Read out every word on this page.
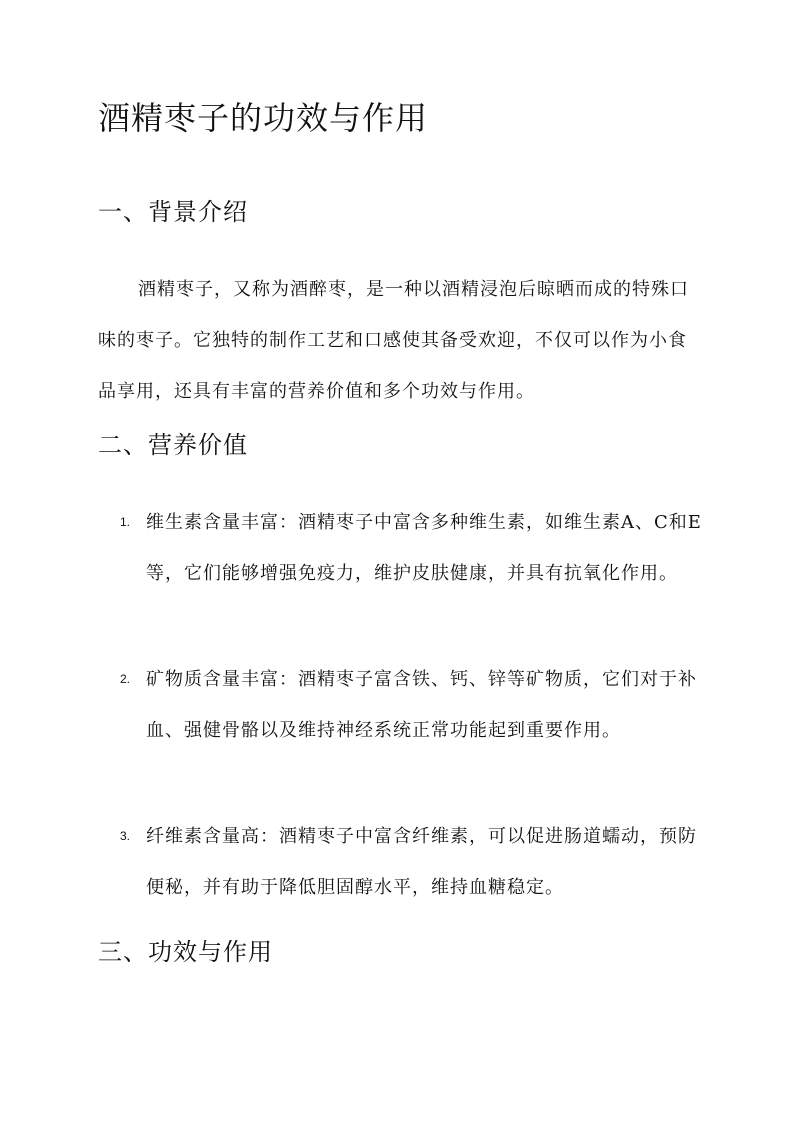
酒精枣子的功效与作用
一、背景介绍

酒精枣子，又称为酒醉枣，是一种以酒精浸泡后晾晒而成的特殊口味的枣子。它独特的制作工艺和口感使其备受欢迎，不仅可以作为小食品享用，还具有丰富的营养价值和多个功效与作用。

二、营养价值
1. 维生素含量丰富：酒精枣子中富含多种维生素，如维生素A、C和E等，它们能够增强免疫力，维护皮肤健康，并具有抗氧化作用。
2. 矿物质含量丰富：酒精枣子富含铁、钙、锌等矿物质，它们对于补血、强健骨骼以及维持神经系统正常功能起到重要作用。
3. 纤维素含量高：酒精枣子中富含纤维素，可以促进肠道蠕动，预防便秘，并有助于降低胆固醇水平，维持血糖稳定。
三、功效与作用
